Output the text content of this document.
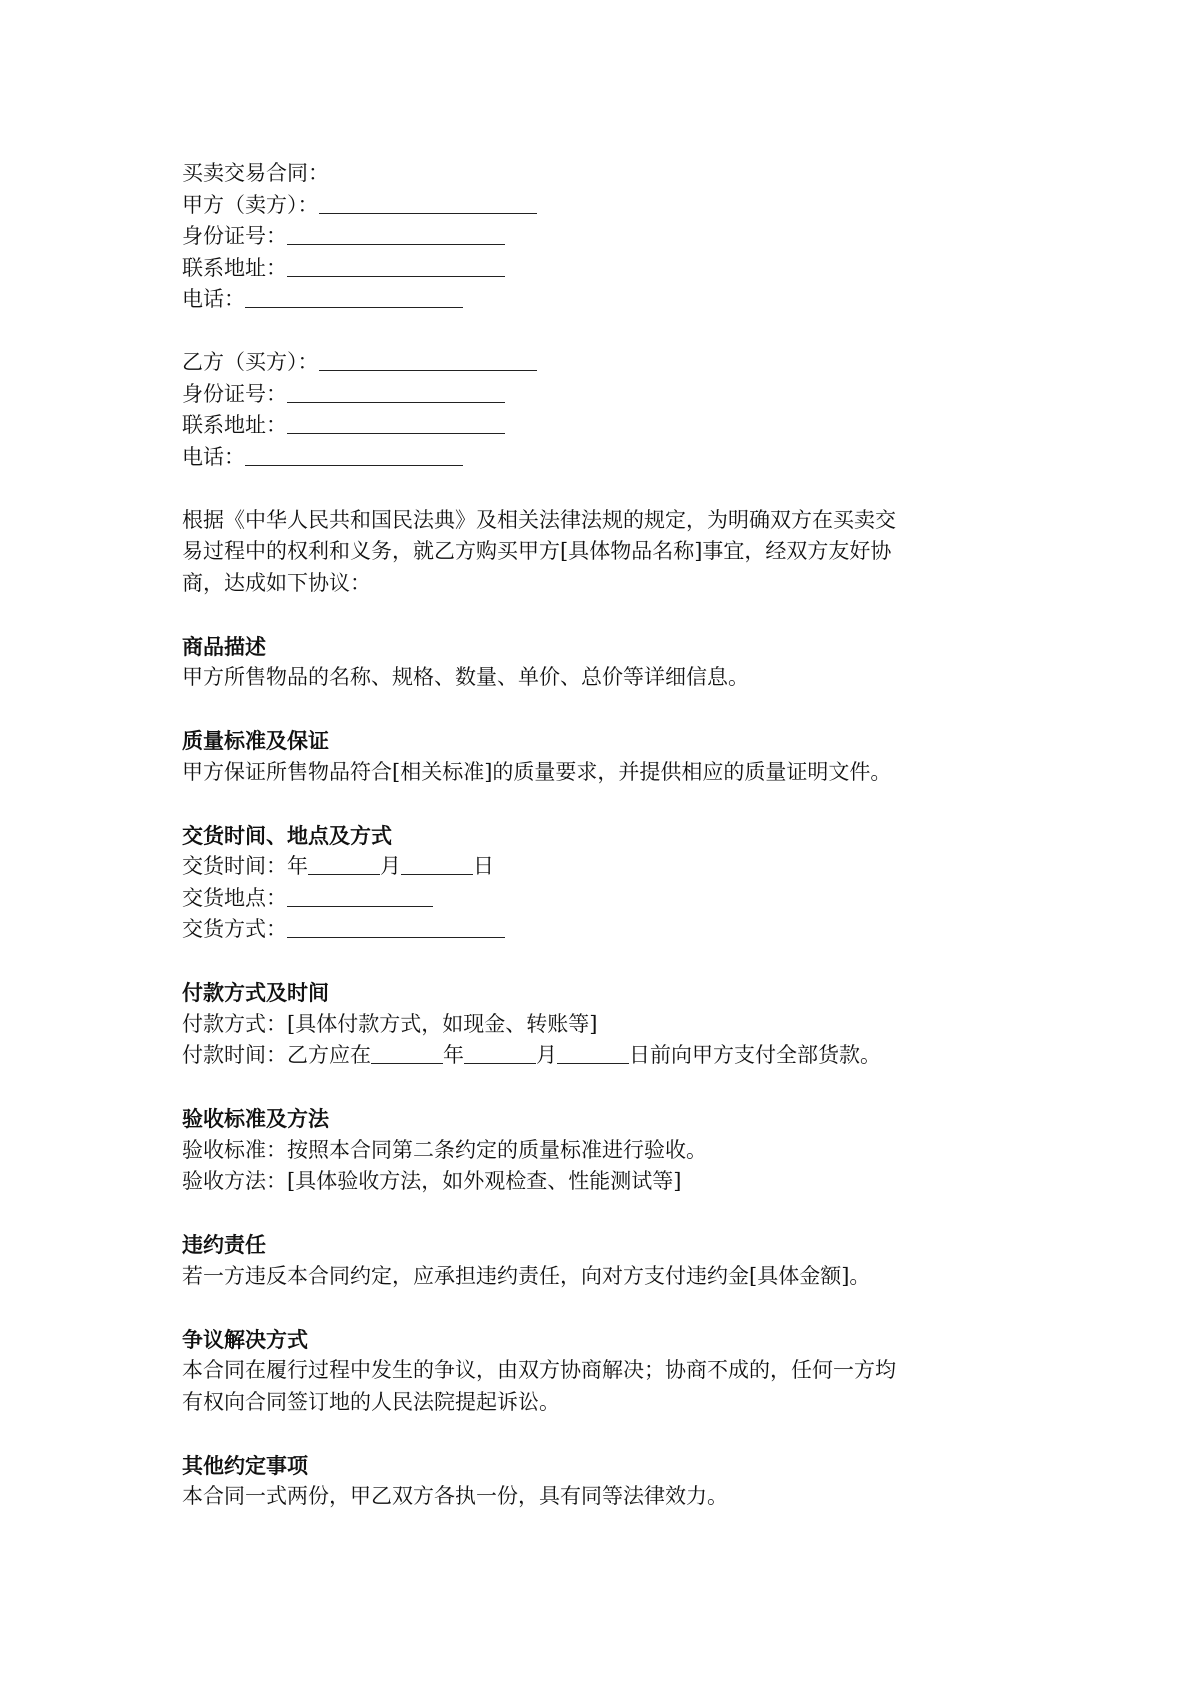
买卖交易合同：
甲方（卖方）：
身份证号：
联系地址：
电话：
乙方（买方）：
身份证号：
联系地址：
电话：
根据《中华人民共和国民法典》及相关法律法规的规定，为明确双方在买卖交
易过程中的权利和义务，就乙方购买甲方[具体物品名称]事宜，经双方友好协
商，达成如下协议：
商品描述
甲方所售物品的名称、规格、数量、单价、总价等详细信息。
质量标准及保证
甲方保证所售物品符合[相关标准]的质量要求，并提供相应的质量证明文件。
交货时间、地点及方式
交货时间：年	月	日
交货地点：
交货方式：
付款方式及时间
付款方式：[具体付款方式，如现金、转账等]
付款时间：乙方应在	年	月	日前向甲方支付全部货款。
验收标准及方法
验收标准：按照本合同第二条约定的质量标准进行验收。
验收方法：[具体验收方法，如外观检查、性能测试等]
违约责任
若一方违反本合同约定，应承担违约责任，向对方支付违约金[具体金额]。
争议解决方式
本合同在履行过程中发生的争议，由双方协商解决；协商不成的，任何一方均
有权向合同签订地的人民法院提起诉讼。
其他约定事项
本合同一式两份，甲乙双方各执一份，具有同等法律效力。
